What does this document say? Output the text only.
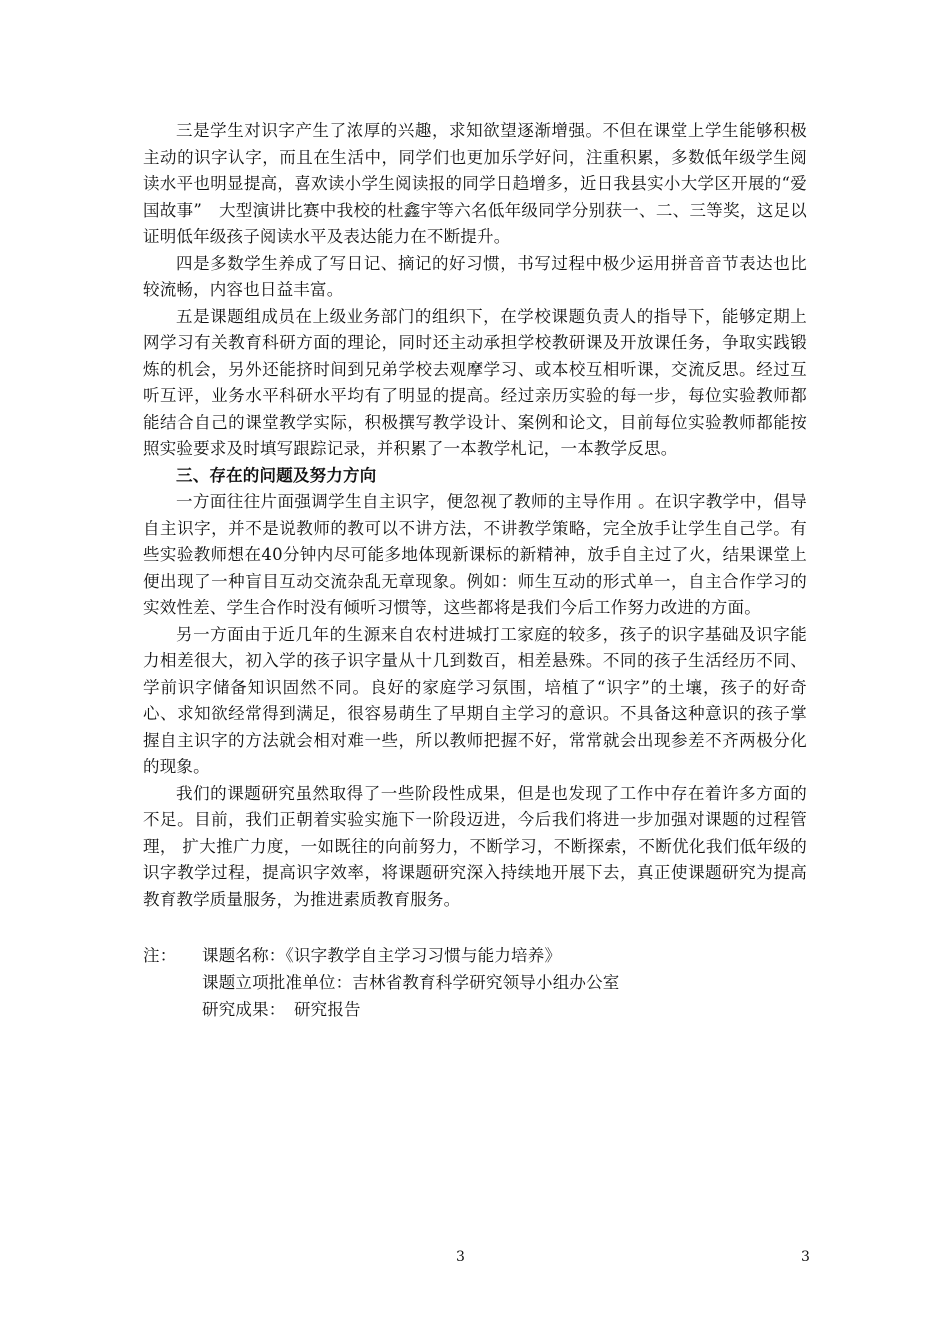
三是学生对识字产生了浓厚的兴趣，求知欲望逐渐增强。不但在课堂上学生能够积极主动的识字认字，而且在生活中，同学们也更加乐学好问，注重积累，多数低年级学生阅读水平也明显提高，喜欢读小学生阅读报的同学日趋增多，近日我县实小大学区开展的“爱国故事”　大型演讲比赛中我校的杜鑫宇等六名低年级同学分别获一、二、三等奖，这足以证明低年级孩子阅读水平及表达能力在不断提升。

四是多数学生养成了写日记、摘记的好习惯，书写过程中极少运用拼音音节表达也比较流畅，内容也日益丰富。

五是课题组成员在上级业务部门的组织下，在学校课题负责人的指导下，能够定期上网学习有关教育科研方面的理论，同时还主动承担学校教研课及开放课任务，争取实践锻炼的机会，另外还能挤时间到兄弟学校去观摩学习、或本校互相听课，交流反思。经过互听互评，业务水平科研水平均有了明显的提高。经过亲历实验的每一步，每位实验教师都能结合自己的课堂教学实际，积极撰写教学设计、案例和论文，目前每位实验教师都能按照实验要求及时填写跟踪记录，并积累了一本教学札记，一本教学反思。

三、存在的问题及努力方向

一方面往往片面强调学生自主识字，便忽视了教师的主导作用 。在识字教学中，倡导自主识字，并不是说教师的教可以不讲方法，不讲教学策略，完全放手让学生自己学。有些实验教师想在40分钟内尽可能多地体现新课标的新精神，放手自主过了火，结果课堂上便出现了一种盲目互动交流杂乱无章现象。例如：师生互动的形式单一，自主合作学习的实效性差、学生合作时没有倾听习惯等，这些都将是我们今后工作努力改进的方面。

另一方面由于近几年的生源来自农村进城打工家庭的较多，孩子的识字基础及识字能力相差很大，初入学的孩子识字量从十几到数百，相差悬殊。不同的孩子生活经历不同、学前识字储备知识固然不同。良好的家庭学习氛围，培植了“识字”的土壤，孩子的好奇心、求知欲经常得到满足，很容易萌生了早期自主学习的意识。不具备这种意识的孩子掌握自主识字的方法就会相对难一些，所以教师把握不好，常常就会出现参差不齐两极分化的现象。

我们的课题研究虽然取得了一些阶段性成果，但是也发现了工作中存在着许多方面的不足。目前，我们正朝着实验实施下一阶段迈进，今后我们将进一步加强对课题的过程管理， 扩大推广力度，一如既往的向前努力，不断学习，不断探索，不断优化我们低年级的识字教学过程，提高识字效率，将课题研究深入持续地开展下去，真正使课题研究为提高教育教学质量服务，为推进素质教育服务。

注：	课题名称：《识字教学自主学习习惯与能力培养》
课题立项批准单位：吉林省教育科学研究领导小组办公室
研究成果：　研究报告
3	3
